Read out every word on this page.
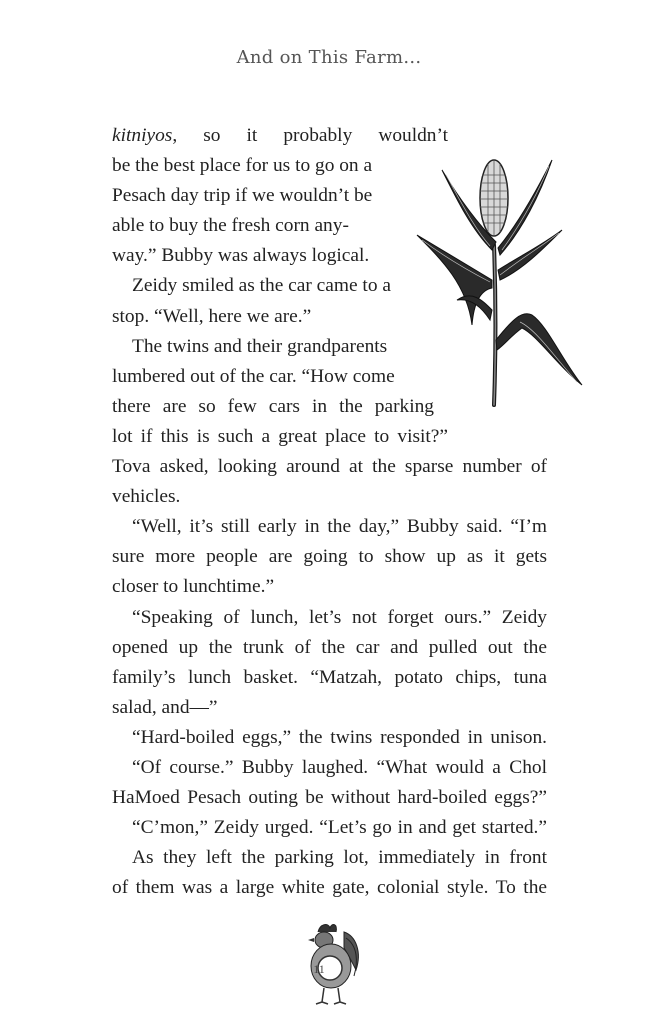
And on This Farm...
kitniyos, so it probably wouldn’t
be the best place for us to go on a
Pesach day trip if we wouldn’t be
able to buy the fresh corn any-
way.” Bubby was always logical.
Zeidy smiled as the car came to a
stop. “Well, here we are.”
The twins and their grandparents
lumbered out of the car. “How come
there are so few cars in the parking
lot if this is such a great place to visit?”
Tova asked, looking around at the sparse number of
vehicles.
“Well, it’s still early in the day,” Bubby said. “I’m
sure more people are going to show up as it gets
closer to lunchtime.”
“Speaking of lunch, let’s not forget ours.” Zeidy
opened up the trunk of the car and pulled out the
family’s lunch basket. “Matzah, potato chips, tuna
salad, and—”
“Hard-boiled eggs,” the twins responded in unison.
“Of course.” Bubby laughed. “What would a Chol
HaMoed Pesach outing be without hard-boiled eggs?”
“C’mon,” Zeidy urged. “Let’s go in and get started.”
As they left the parking lot, immediately in front
of them was a large white gate, colonial style. To the
11
